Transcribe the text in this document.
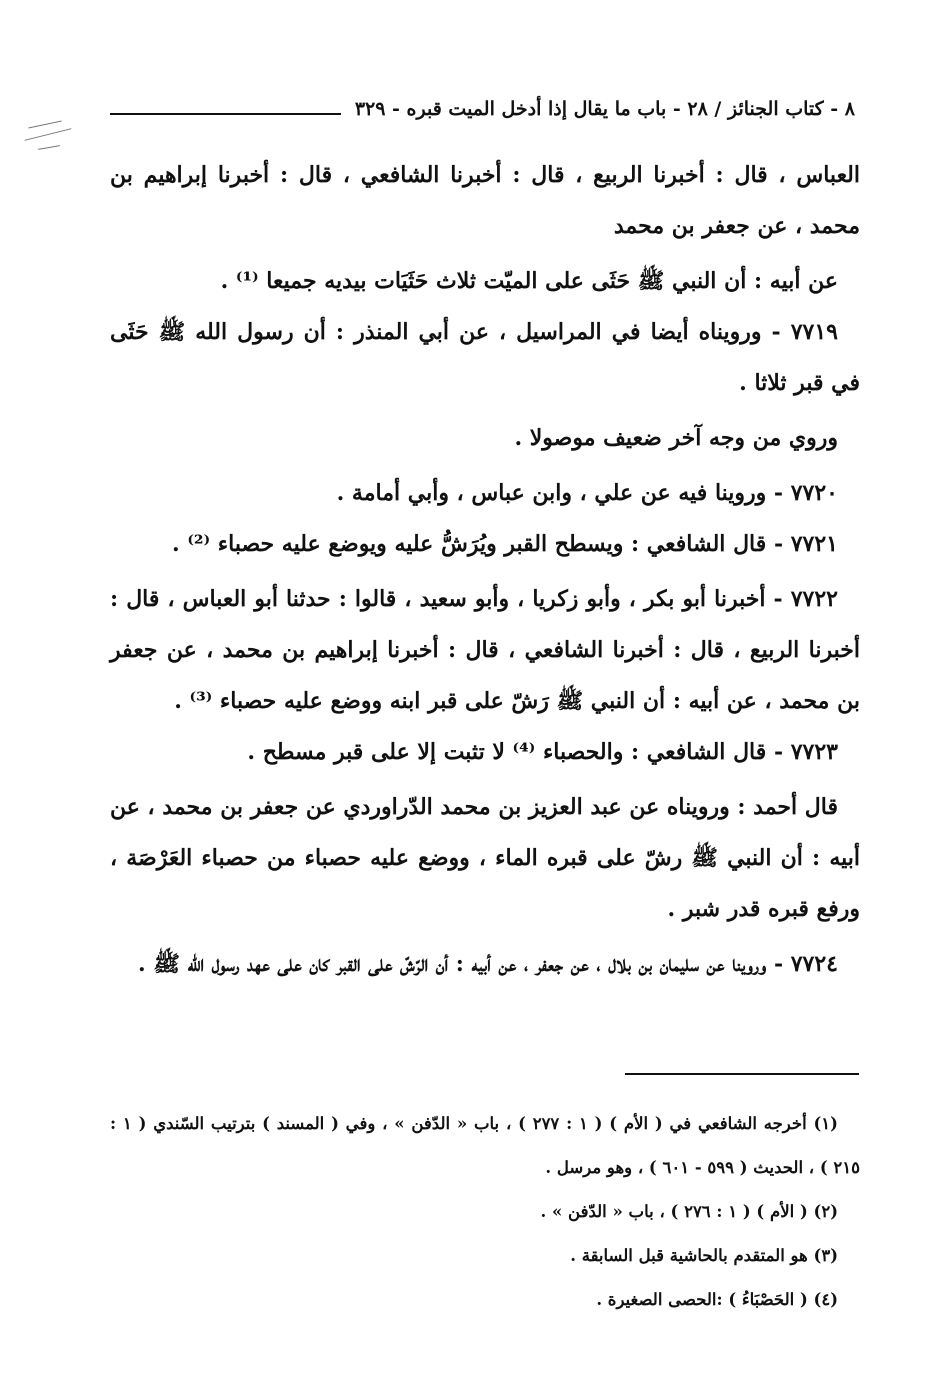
٨ - كتاب الجنائز / ٢٨ - باب ما يقال إذا أدخل الميت قبره - ٣٢٩

العباس ، قال : أخبرنا الربيع ، قال : أخبرنا الشافعي ، قال : أخبرنا إبراهيم بن محمد ، عن جعفر بن محمد

عن أبيه : أن النبي ﷺ حَثَى على الميّت ثلاث حَثَيَات بيديه جميعا ⁽¹⁾ .

٧٧١٩ - ورويناه أيضا في المراسيل ، عن أبي المنذر : أن رسول الله ﷺ حَثَى في قبر ثلاثا .

وروي من وجه آخر ضعيف موصولا .

٧٧٢٠ - وروينا فيه عن علي ، وابن عباس ، وأبي أمامة .

٧٧٢١ - قال الشافعي : ويسطح القبر ويُرَشُّ عليه ويوضع عليه حصباء ⁽²⁾ .

٧٧٢٢ - أخبرنا أبو بكر ، وأبو زكريا ، وأبو سعيد ، قالوا : حدثنا أبو العباس ، قال : أخبرنا الربيع ، قال : أخبرنا الشافعي ، قال : أخبرنا إبراهيم بن محمد ، عن جعفر بن محمد ، عن أبيه : أن النبي ﷺ رَشّ على قبر ابنه ووضع عليه حصباء ⁽³⁾ .

٧٧٢٣ - قال الشافعي : والحصباء ⁽⁴⁾ لا تثبت إلا على قبر مسطح .

قال أحمد : ورويناه عن عبد العزيز بن محمد الدّراوردي عن جعفر بن محمد ، عن أبيه : أن النبي ﷺ رشّ على قبره الماء ، ووضع عليه حصباء من حصباء العَرْصَة ، ورفع قبره قدر شبر .

٧٧٢٤ - وروينا عن سليمان بن بلال ، عن جعفر ، عن أبيه : أن الرّشّ على القبر كان على عهد رسول الله ﷺ .

(١) أخرجه الشافعي في ( الأم ) ( ١ : ٢٧٧ ) ، باب « الدّفن » ، وفي ( المسند ) بترتيب السّندي ( ١ : ٢١٥ ) ، الحديث ( ٥٩٩ - ٦٠١ ) ، وهو مرسل .

(٢) ( الأم ) ( ١ : ٢٧٦ ) ، باب « الدّفن » .

(٣) هو المتقدم بالحاشية قبل السابقة .

(٤) ( الحَصْبَاءُ ) :الحصى الصغيرة .
